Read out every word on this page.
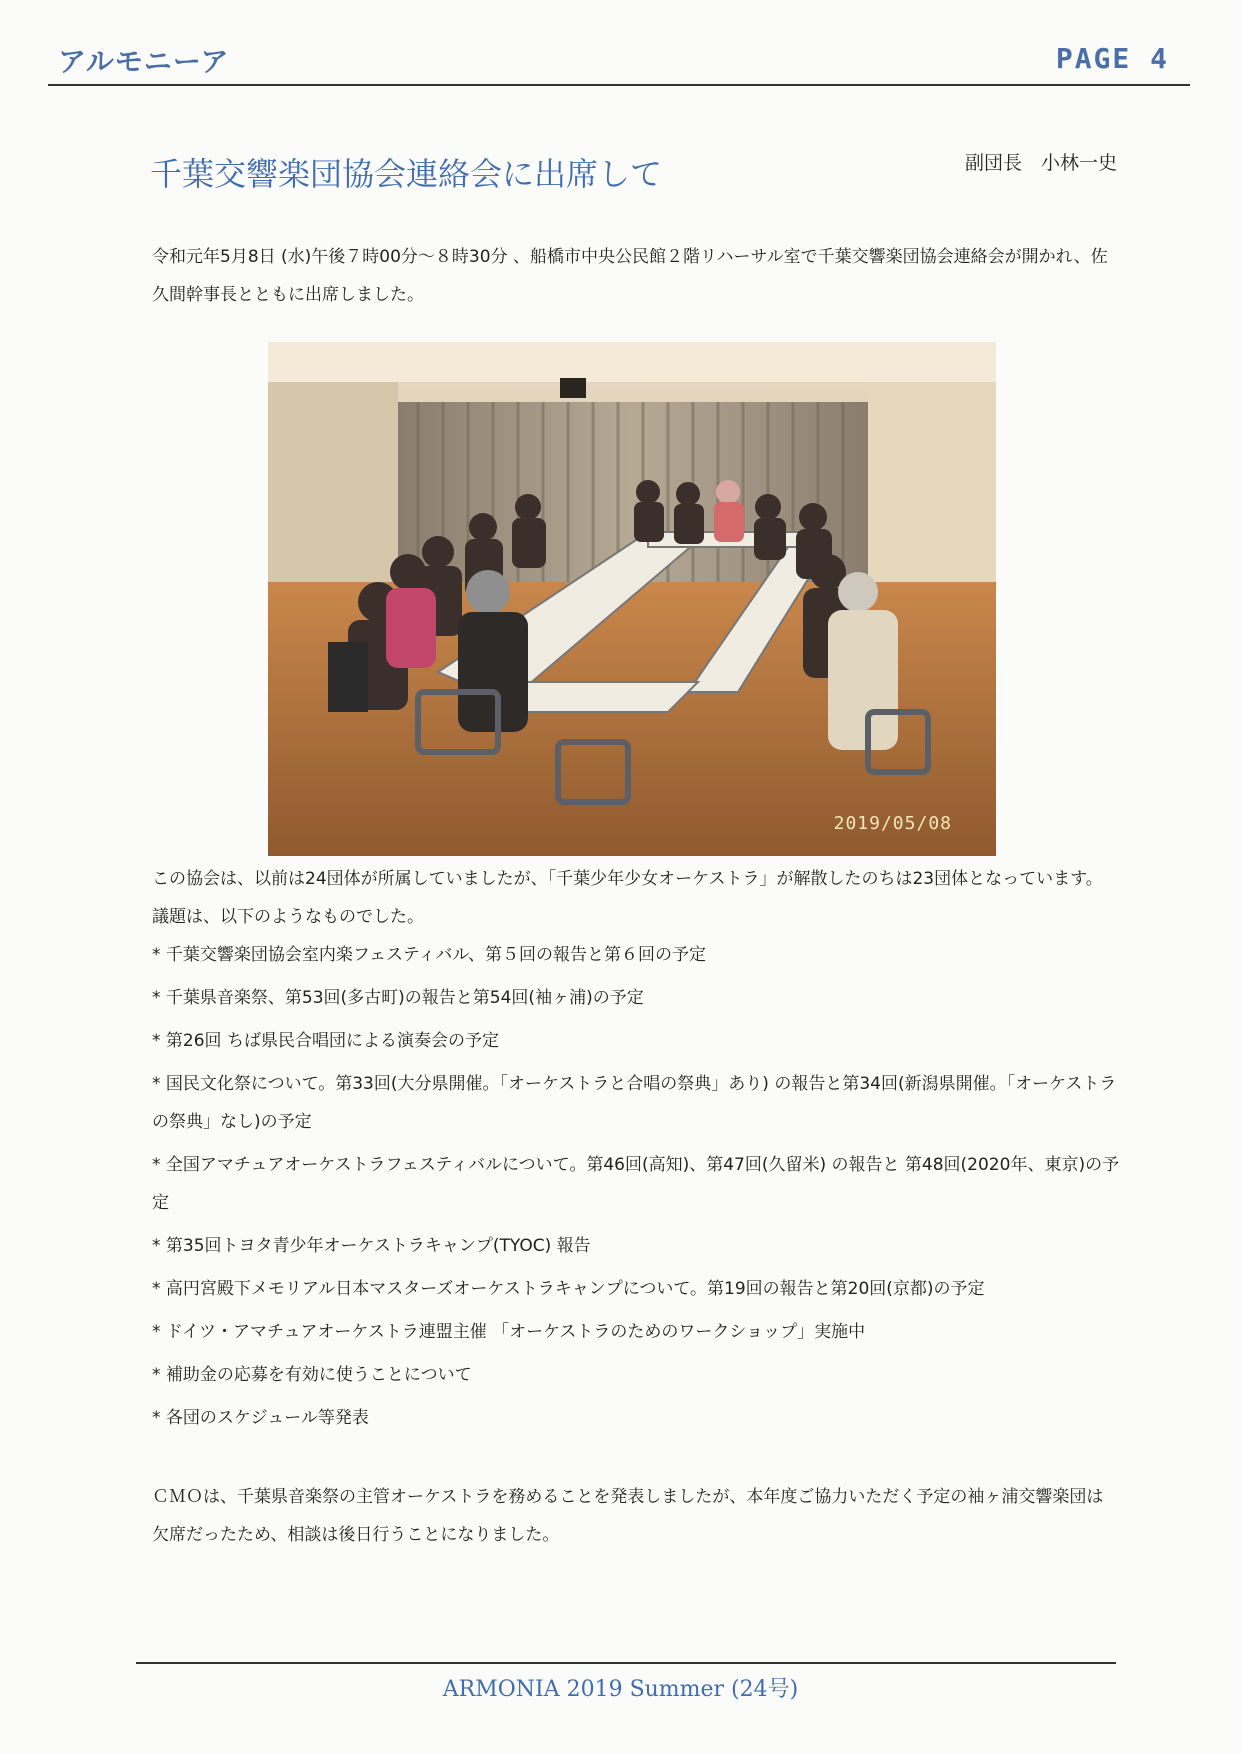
アルモニーア	PAGE 4
千葉交響楽団協会連絡会に出席して	副団長　小林一史

令和元年5月8日 (水)午後７時00分～８時30分 、船橋市中央公民館２階リハーサル室で千葉交響楽団協会連絡会が開かれ、佐久間幹事長とともに出席しました。

2019/05/08

この協会は、以前は24団体が所属していましたが、「千葉少年少女オーケストラ」が解散したのちは23団体となっています。 議題は、以下のようなものでした。

* 千葉交響楽団協会室内楽フェスティバル、第５回の報告と第６回の予定
* 千葉県音楽祭、第53回(多古町)の報告と第54回(袖ヶ浦)の予定
* 第26回 ちば県民合唱団による演奏会の予定
* 国民文化祭について。第33回(大分県開催。「オーケストラと合唱の祭典」あり) の報告と第34回(新潟県開催。「オーケストラの祭典」なし)の予定
* 全国アマチュアオーケストラフェスティバルについて。第46回(高知)、第47回(久留米) の報告と 第48回(2020年、東京)の予定
* 第35回トヨタ青少年オーケストラキャンプ(TYOC) 報告
* 高円宮殿下メモリアル日本マスターズオーケストラキャンプについて。第19回の報告と第20回(京都)の予定
* ドイツ・アマチュアオーケストラ連盟主催 「オーケストラのためのワークショップ」実施中
* 補助金の応募を有効に使うことについて
* 各団のスケジュール等発表

ＣＭＯは、千葉県音楽祭の主管オーケストラを務めることを発表しましたが、本年度ご協力いただく予定の袖ヶ浦交響楽団は欠席だったため、相談は後日行うことになりました。

ARMONIA 2019 Summer (24号)
